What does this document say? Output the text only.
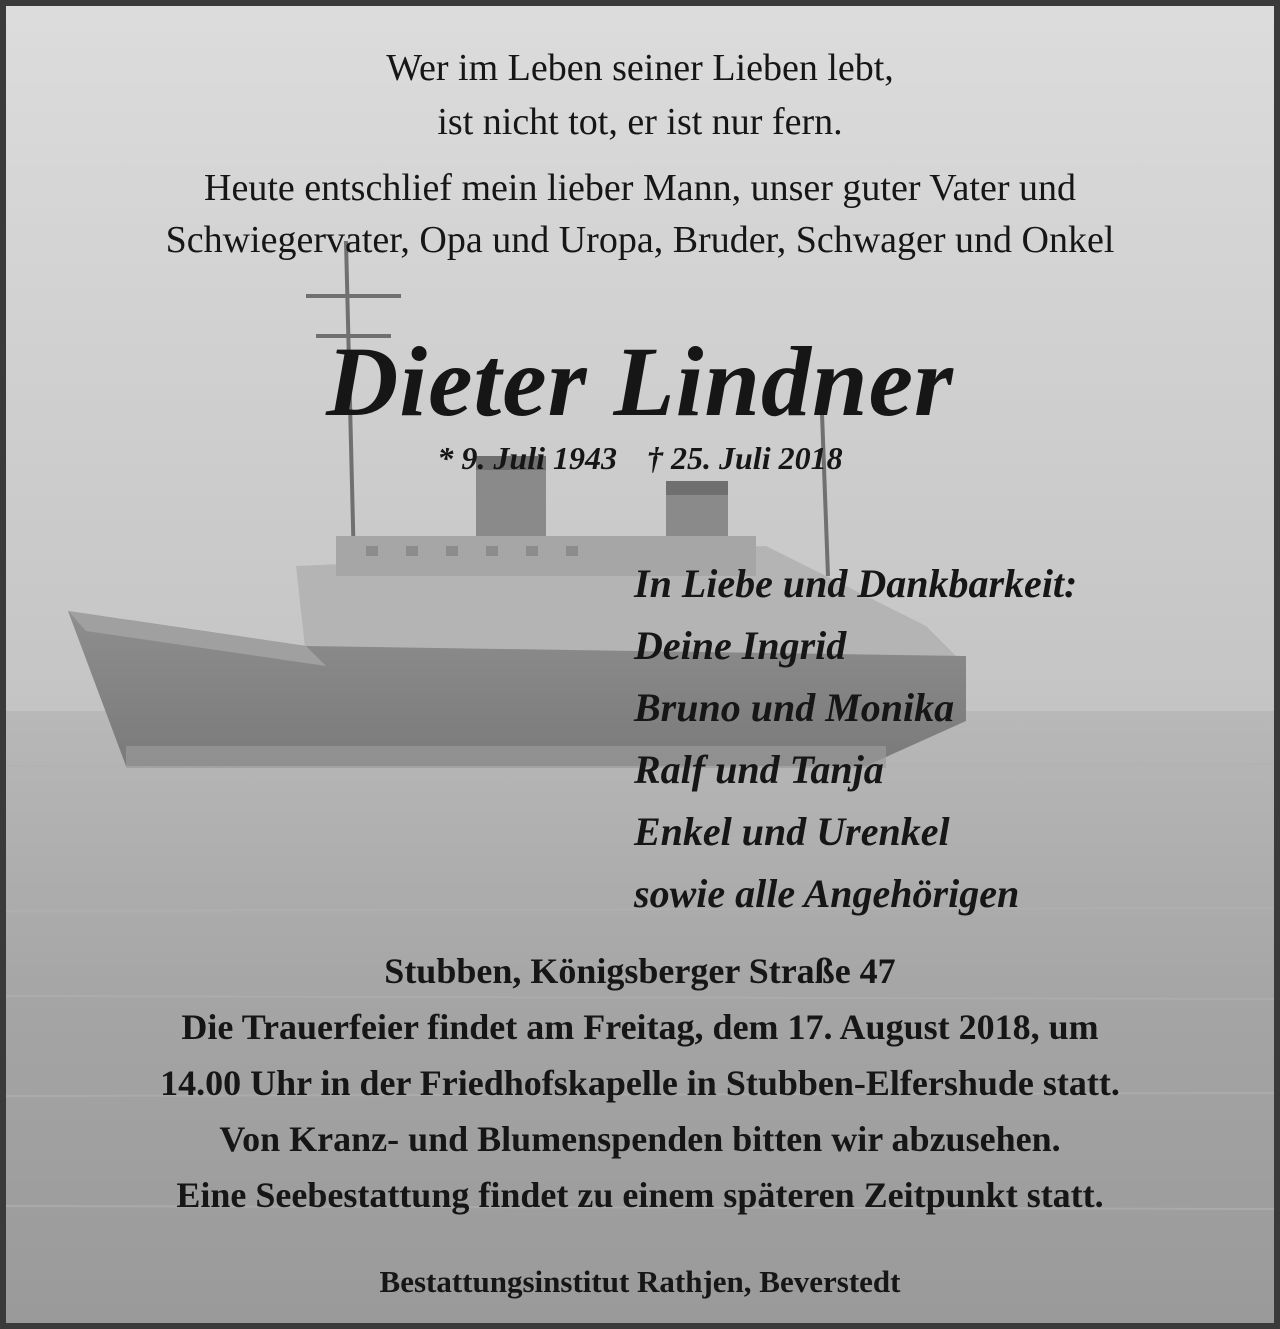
Wer im Leben seiner Lieben lebt,
ist nicht tot, er ist nur fern.
Heute entschlief mein lieber Mann, unser guter Vater und
Schwiegervater, Opa und Uropa, Bruder, Schwager und Onkel
Dieter Lindner
* 9. Juli 1943 † 25. Juli 2018
In Liebe und Dankbarkeit:
Deine Ingrid
Bruno und Monika
Ralf und Tanja
Enkel und Urenkel
sowie alle Angehörigen
Stubben, Königsberger Straße 47
Die Trauerfeier findet am Freitag, dem 17. August 2018, um
14.00 Uhr in der Friedhofskapelle in Stubben-Elfershude statt.
Von Kranz- und Blumenspenden bitten wir abzusehen.
Eine Seebestattung findet zu einem späteren Zeitpunkt statt.
Bestattungsinstitut Rathjen, Beverstedt
